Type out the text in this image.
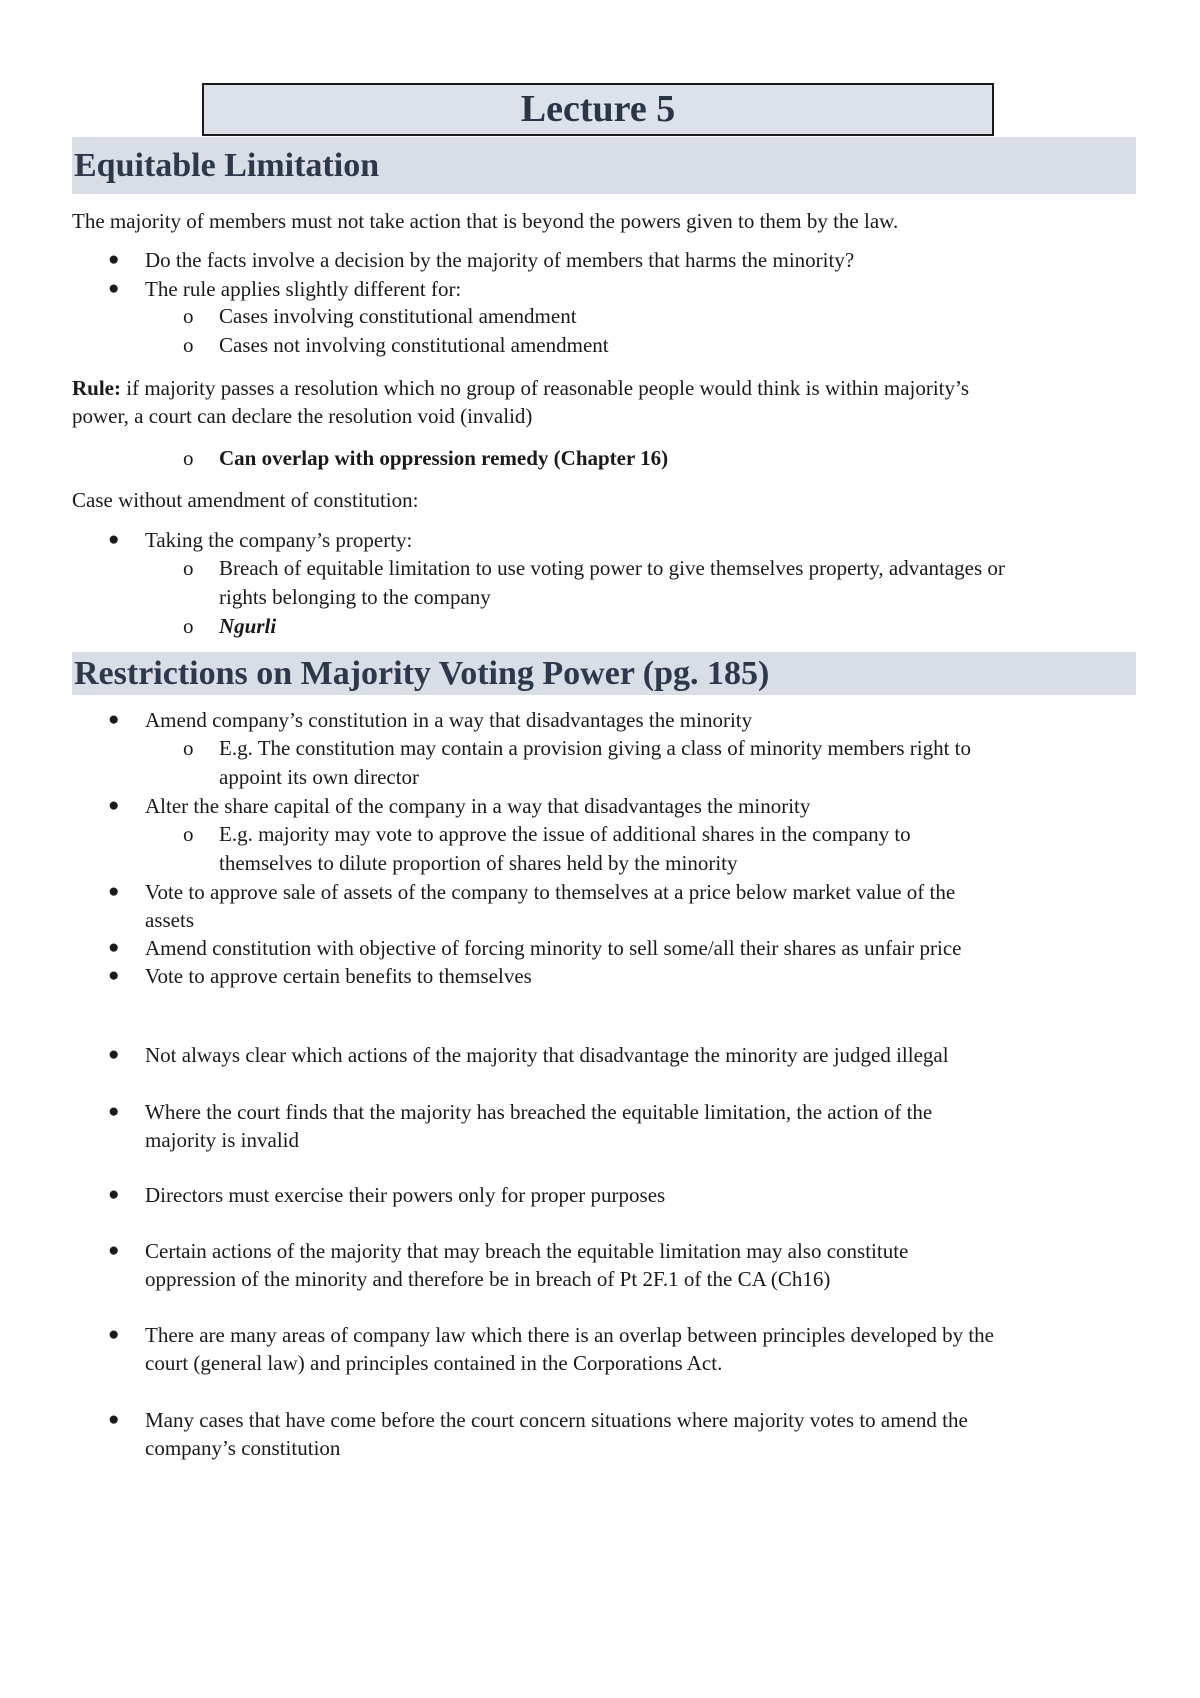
Lecture 5
Equitable Limitation
The majority of members must not take action that is beyond the powers given to them by the law.
● Do the facts involve a decision by the majority of members that harms the minority?
● The rule applies slightly different for:
o Cases involving constitutional amendment
o Cases not involving constitutional amendment
Rule: if majority passes a resolution which no group of reasonable people would think is within majority’s
power, a court can declare the resolution void (invalid)
o Can overlap with oppression remedy (Chapter 16)
Case without amendment of constitution:
● Taking the company’s property:
o Breach of equitable limitation to use voting power to give themselves property, advantages or
rights belonging to the company
o Ngurli
Restrictions on Majority Voting Power (pg. 185)
● Amend company’s constitution in a way that disadvantages the minority
o E.g. The constitution may contain a provision giving a class of minority members right to
appoint its own director
● Alter the share capital of the company in a way that disadvantages the minority
o E.g. majority may vote to approve the issue of additional shares in the company to
themselves to dilute proportion of shares held by the minority
● Vote to approve sale of assets of the company to themselves at a price below market value of the
assets
● Amend constitution with objective of forcing minority to sell some/all their shares as unfair price
● Vote to approve certain benefits to themselves
● Not always clear which actions of the majority that disadvantage the minority are judged illegal
● Where the court finds that the majority has breached the equitable limitation, the action of the
majority is invalid
● Directors must exercise their powers only for proper purposes
● Certain actions of the majority that may breach the equitable limitation may also constitute
oppression of the minority and therefore be in breach of Pt 2F.1 of the CA (Ch16)
● There are many areas of company law which there is an overlap between principles developed by the
court (general law) and principles contained in the Corporations Act.
● Many cases that have come before the court concern situations where majority votes to amend the
company’s constitution
